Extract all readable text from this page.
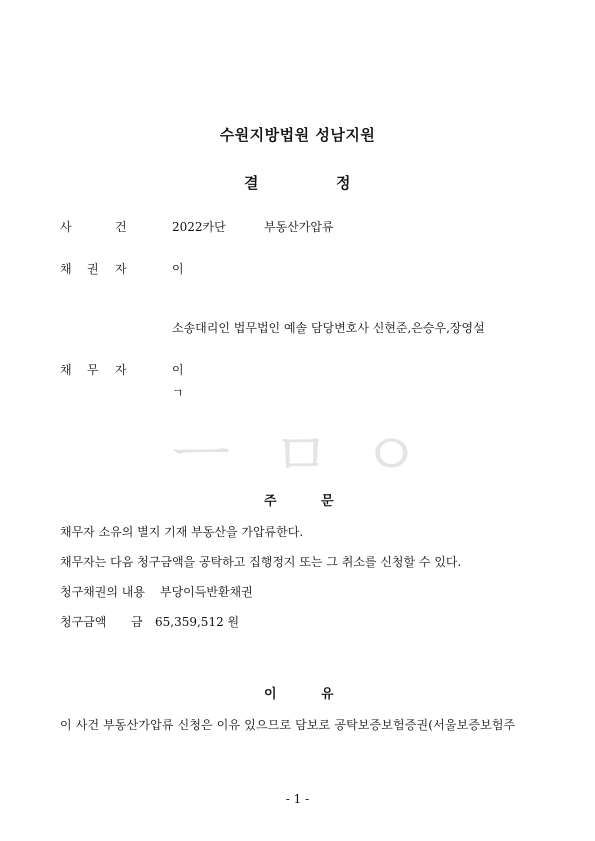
수원지방법원 성남지원
결	정
사	건	2022카단	부동산가압류
채 권 자	이
소송대리인 법무법인 예솔 담당변호사 신현준,은승우,장영설
채 무 자	이
ㄱ
ㅡ ㅁ ㅇ
주	문
채무자 소유의 별지 기재 부동산을 가압류한다.
채무자는 다음 청구금액을 공탁하고 집행정지 또는 그 취소를 신청할 수 있다.
청구채권의 내용 부당이득반환채권
청구금액 금 65,359,512 원
이	유
이 사건 부동산가압류 신청은 이유 있으므로 담보로 공탁보증보험증권(서울보증보험주
- 1 -
